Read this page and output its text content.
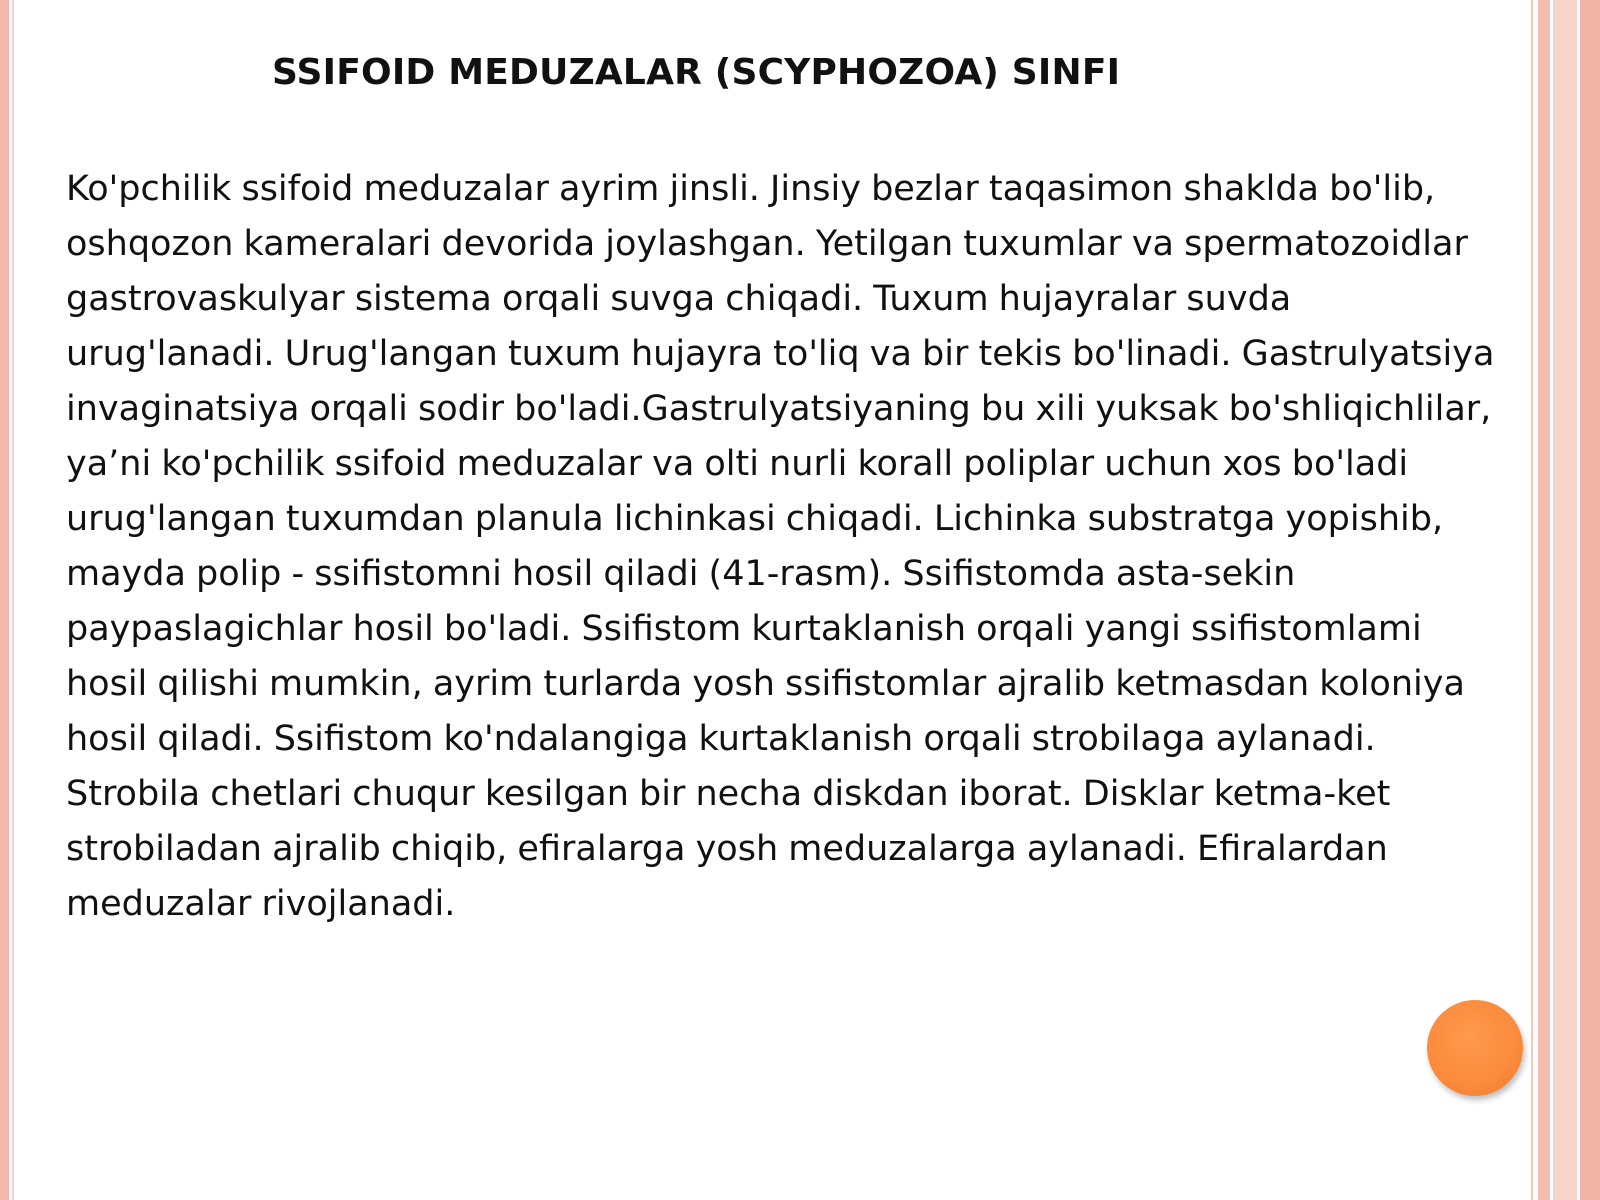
SSIFOID MEDUZALAR (SCYPHOZOA) SINFI
Ko'pchilik ssifoid meduzalar ayrim jinsli. Jinsiy bezlar taqasimon shaklda bo'lib, oshqozon kameralari devorida joylashgan. Yetilgan tuxumlar va spermatozoidlar gastrovaskulyar sistema orqali suvga chiqadi. Tuxum hujayralar suvda urug'lanadi. Urug'langan tuxum hujayra to'liq va bir tekis bo'linadi. Gastrulyatsiya invaginatsiya orqali sodir bo'ladi.Gastrulyatsiyaning bu xili yuksak bo'shliqichlilar, ya’ni ko'pchilik ssifoid meduzalar va olti nurli korall poliplar uchun xos bo'ladi urug'langan tuxumdan planula lichinkasi chiqadi. Lichinka substratga yopishib, mayda polip - ssifistomni hosil qiladi (41-rasm). Ssifistomda asta-sekin paypaslagichlar hosil bo'ladi. Ssifistom kurtaklanish orqali yangi ssifistomlami hosil qilishi mumkin, ayrim turlarda yosh ssifistomlar ajralib ketmasdan koloniya hosil qiladi. Ssifistom ko'ndalangiga kurtaklanish orqali strobilaga aylanadi. Strobila chetlari chuqur kesilgan bir necha diskdan iborat. Disklar ketma-ket strobiladan ajralib chiqib, efiralarga yosh meduzalarga aylanadi. Efiralardan meduzalar rivojlanadi.
